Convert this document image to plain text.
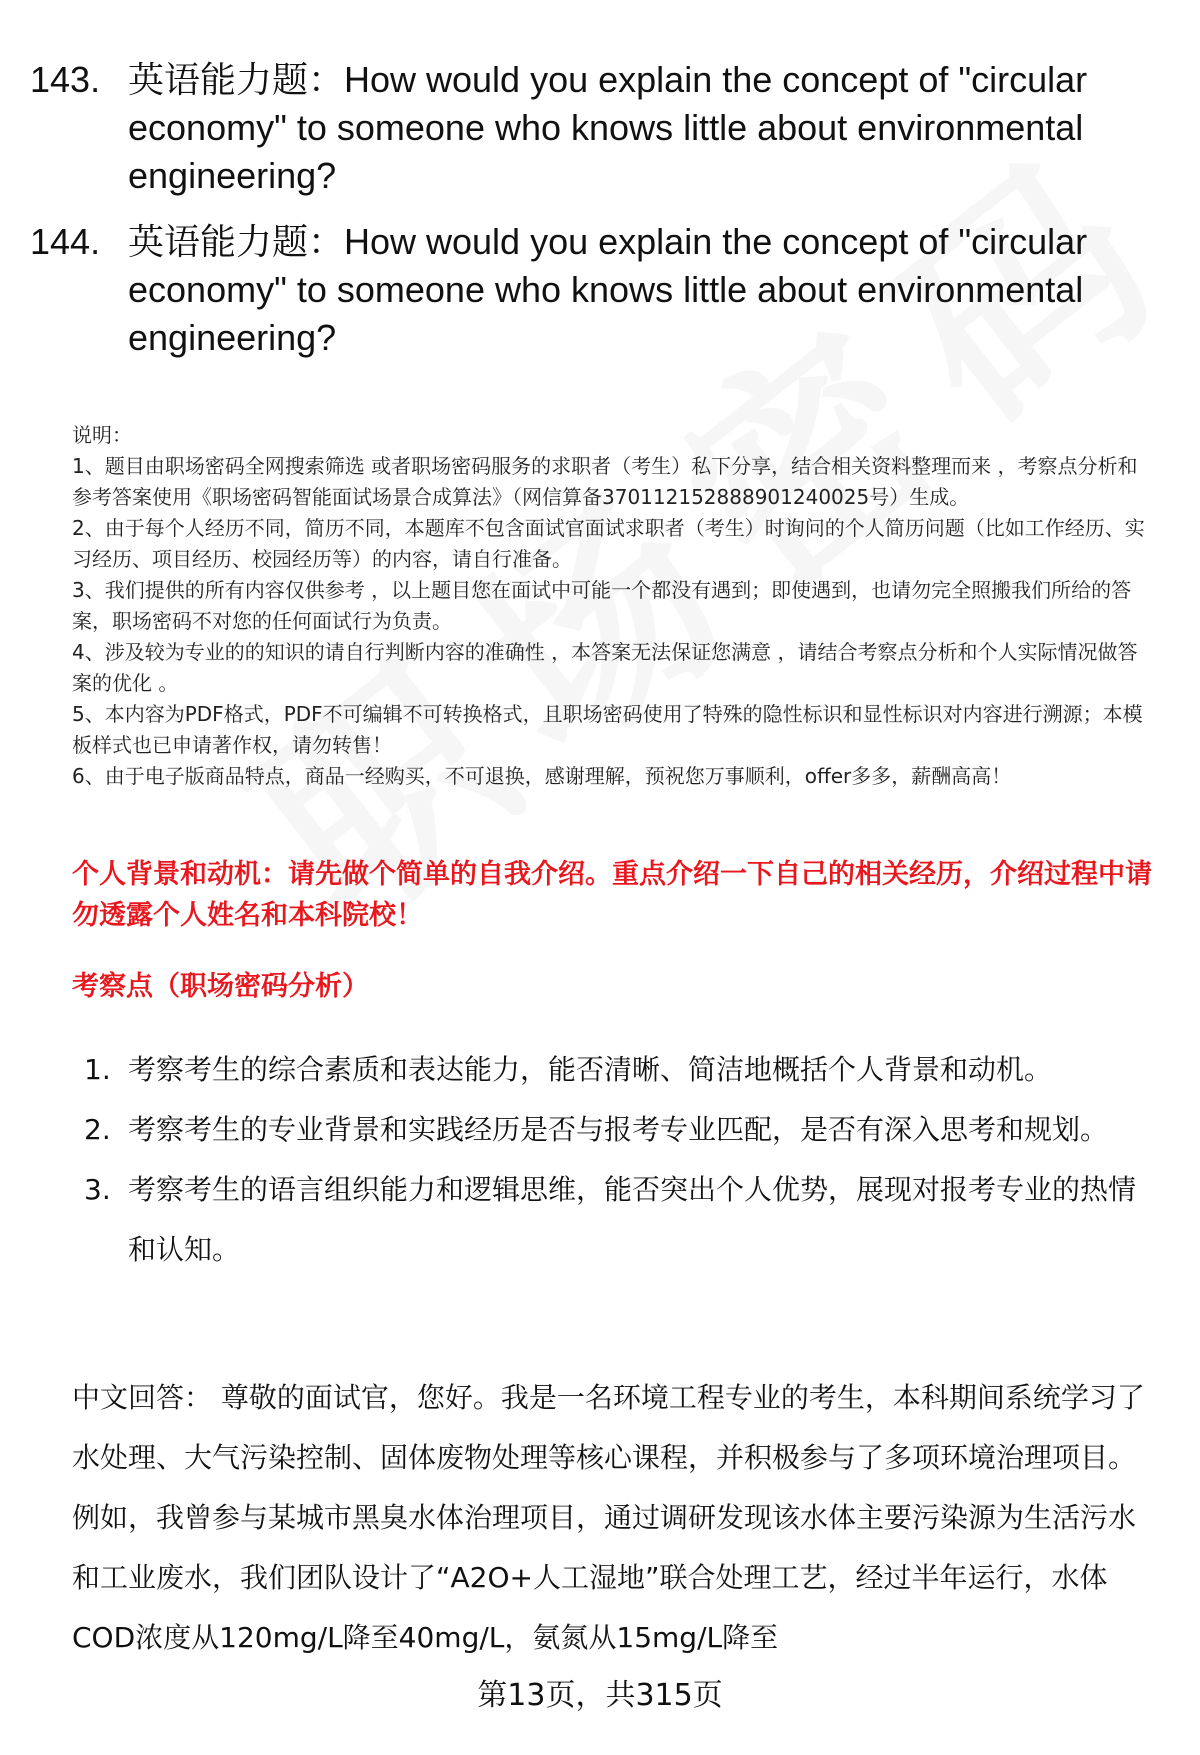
143. 英语能力题：How would you explain the concept of "circular economy" to someone who knows little about environmental engineering?
144. 英语能力题：How would you explain the concept of "circular economy" to someone who knows little about environmental engineering?

说明：

1、题目由职场密码全网搜索筛选 或者职场密码服务的求职者（考生）私下分享，结合相关资料整理而来 ，考察点分析和参考答案使用《职场密码智能面试场景合成算法》（网信算备370112152888901240025号）生成。

2、由于每个人经历不同，简历不同，本题库不包含面试官面试求职者（考生）时询问的个人简历问题（比如工作经历、实习经历、项目经历、校园经历等）的内容，请自行准备。

3、我们提供的所有内容仅供参考 ，以上题目您在面试中可能一个都没有遇到；即使遇到，也请勿完全照搬我们所给的答案，职场密码不对您的任何面试行为负责。

4、涉及较为专业的的知识的请自行判断内容的准确性 ，本答案无法保证您满意 ，请结合考察点分析和个人实际情况做答案的优化 。

5、本内容为PDF格式，PDF不可编辑不可转换格式，且职场密码使用了特殊的隐性标识和显性标识对内容进行溯源；本模板样式也已申请著作权，请勿转售！

6、由于电子版商品特点，商品一经购买，不可退换，感谢理解，预祝您万事顺利，offer多多，薪酬高高！

个人背景和动机：请先做个简单的自我介绍。重点介绍一下自己的相关经历，介绍过程中请勿透露个人姓名和本科院校！
考察点（职场密码分析）
1. 考察考生的综合素质和表达能力，能否清晰、简洁地概括个人背景和动机。
2. 考察考生的专业背景和实践经历是否与报考专业匹配，是否有深入思考和规划。
3. 考察考生的语言组织能力和逻辑思维，能否突出个人优势，展现对报考专业的热情和认知。
中文回答： 尊敬的面试官，您好。我是一名环境工程专业的考生，本科期间系统学习了水处理、大气污染控制、固体废物处理等核心课程，并积极参与了多项环境治理项目。例如，我曾参与某城市黑臭水体治理项目，通过调研发现该水体主要污染源为生活污水和工业废水，我们团队设计了“A2O+人工湿地”联合处理工艺，经过半年运行，水体COD浓度从120mg/L降至40mg/L，氨氮从15mg/L降至
第13页，共315页
